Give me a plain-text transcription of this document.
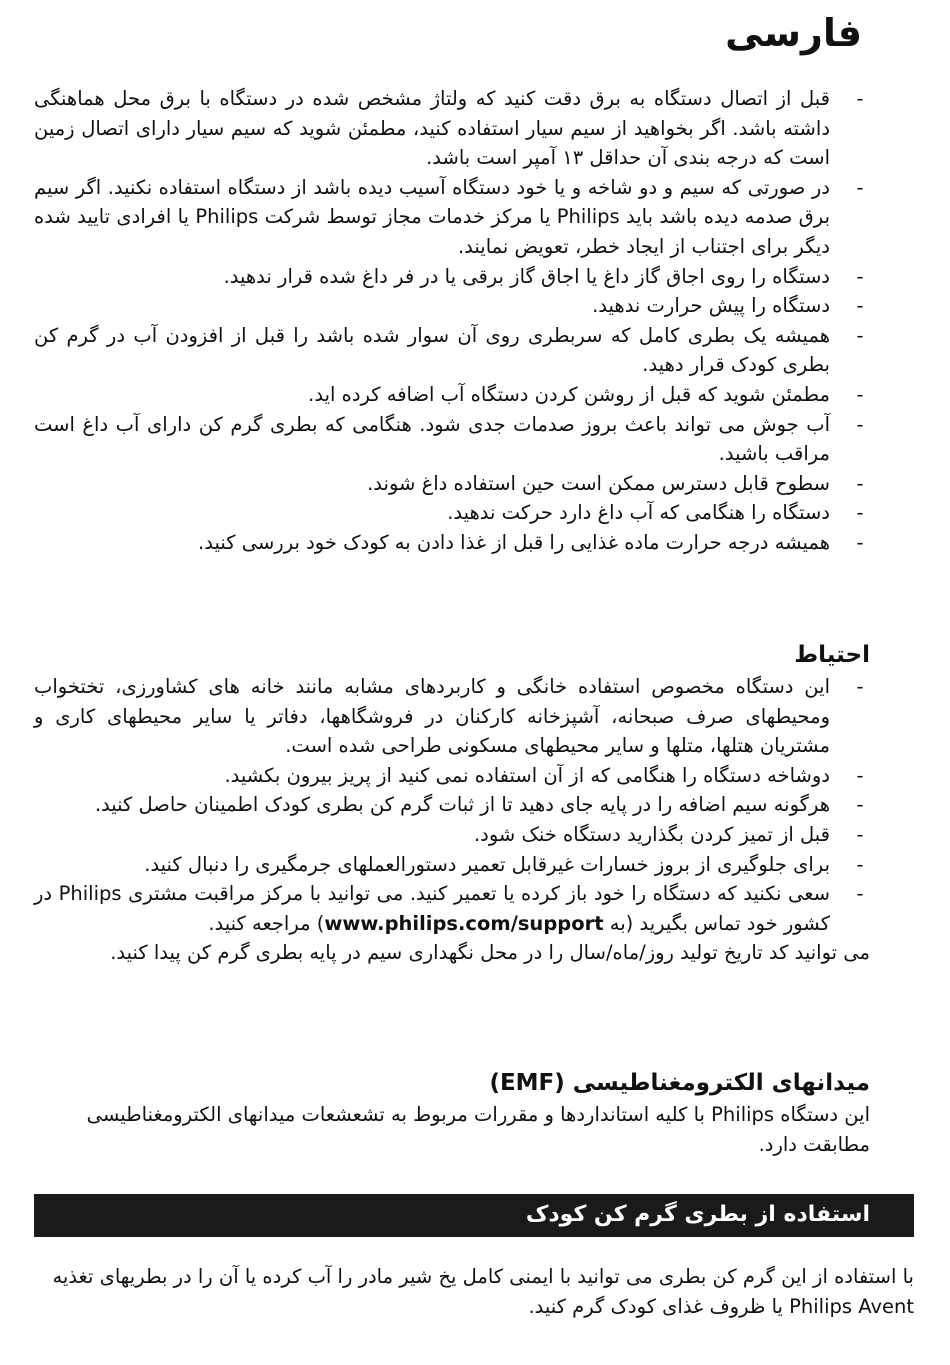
فارسی
- قبل از اتصال دستگاه به برق دقت کنید که ولتاژ مشخص شده در دستگاه با برق محل هماهنگی داشته باشد. اگر بخواهید از سیم سیار استفاده کنید، مطمئن شوید که سیم سیار دارای اتصال زمین است که درجه بندی آن حداقل ۱۳ آمپر است باشد.
- در صورتی که سیم و دو شاخه و یا خود دستگاه آسیب دیده باشد از دستگاه استفاده نکنید. اگر سیم برق صدمه دیده باشد باید Philips یا مرکز خدمات مجاز توسط شرکت Philips یا افرادی تایید شده دیگر برای اجتناب از ایجاد خطر، تعویض نمایند.
- دستگاه را روی اجاق گاز داغ یا اجاق گاز برقی یا در فر داغ شده قرار ندهید.
- دستگاه را پیش حرارت ندهید.
- همیشه یک بطری کامل که سربطری روی آن سوار شده باشد را قبل از افزودن آب در گرم کن بطری کودک قرار دهید.
- مطمئن شوید که قبل از روشن کردن دستگاه آب اضافه کرده اید.
- آب جوش می تواند باعث بروز صدمات جدی شود. هنگامی که بطری گرم کن دارای آب داغ است مراقب باشید.
- سطوح قابل دسترس ممکن است حین استفاده داغ شوند.
- دستگاه را هنگامی که آب داغ دارد حرکت ندهید.
- همیشه درجه حرارت ماده غذایی را قبل از غذا دادن به کودک خود بررسی کنید.
احتیاط
- این دستگاه مخصوص استفاده خانگی و کاربردهای مشابه مانند خانه های کشاورزی، تختخواب ومحیطهای صرف صبحانه، آشپزخانه کارکنان در فروشگاهها، دفاتر یا سایر محیطهای کاری و مشتریان هتلها، متلها و سایر محیطهای مسکونی طراحی شده است.
- دوشاخه دستگاه را هنگامی که از آن استفاده نمی کنید از پریز بیرون بکشید.
- هرگونه سیم اضافه را در پایه جای دهید تا از ثبات گرم کن بطری کودک اطمینان حاصل کنید.
- قبل از تمیز کردن بگذارید دستگاه خنک شود.
- برای جلوگیری از بروز خسارات غیرقابل تعمیر دستورالعملهای جرمگیری را دنبال کنید.
- سعی نکنید که دستگاه را خود باز کرده یا تعمیر کنید. می توانید با مرکز مراقبت مشتری Philips در کشور خود تماس بگیرید (به www.philips.com/support) مراجعه کنید.

می توانید کد تاریخ تولید روز/ماه/سال را در محل نگهداری سیم در پایه بطری گرم کن پیدا کنید.

میدانهای الکترومغناطیسی (EMF)

این دستگاه Philips با کلیه استانداردها و مقررات مربوط به تشعشعات میدانهای الکترومغناطیسی مطابقت دارد.

استفاده از بطری گرم کن کودک

با استفاده از این گرم کن بطری می توانید با ایمنی کامل یخ شیر مادر را آب کرده یا آن را در بطریهای تغذیه Philips Avent یا ظروف غذای کودک گرم کنید.
